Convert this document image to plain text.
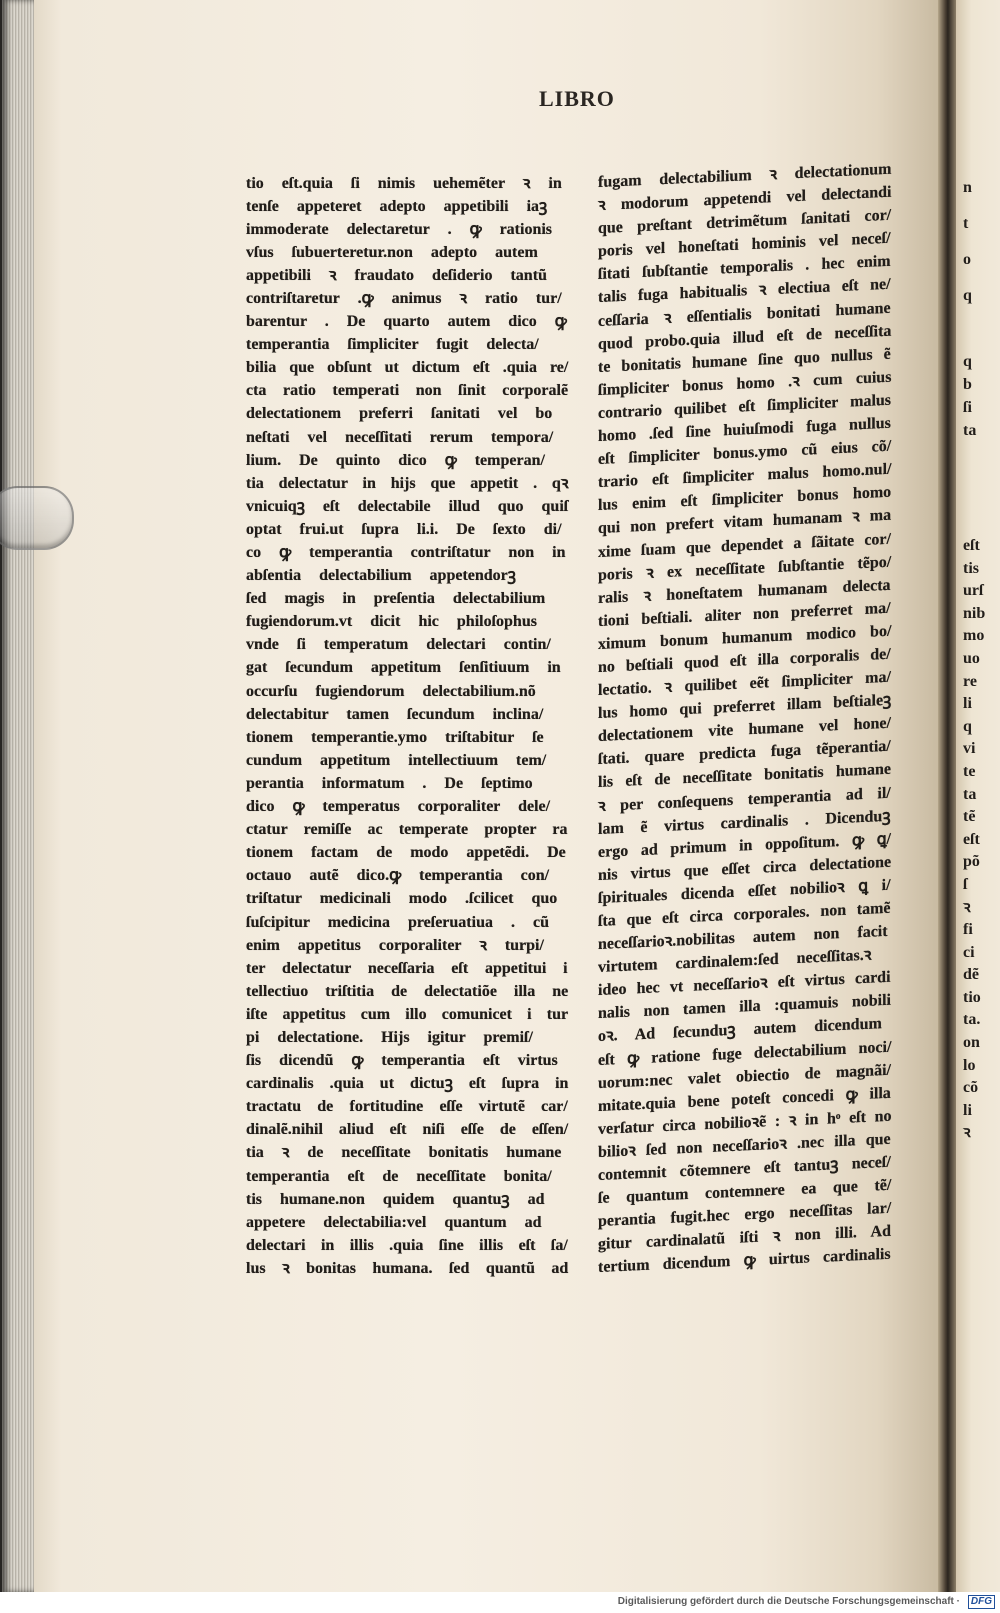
n
t
o
q
q
b
ſi
ta
eſt
tis
urſ
nib
mo
uo
re
li
q
vi
te
ta
tẽ
eſt
põ
ſ
ꝛ
fi
ci
dẽ
tio
ta.
on
lo
cõ
li
ꝛ
LIBRO
tio eſt.quia ſi nimis uehemẽter ꝛ in
tenſe appeteret adepto appetibili iaꝫ
immoderate delectaretur . ꝙ rationis
vſus ſubuerteretur.non adepto autem
appetibili ꝛ fraudato deſiderio tantũ
contriſtaretur .ꝙ animus ꝛ ratio tur/
barentur . De quarto autem dico ꝙ
temperantia ſimpliciter fugit delecta/
bilia que obſunt ut dictum eſt .quia re/
cta ratio temperati non ſinit corporalẽ
delectationem preferri ſanitati vel bo
neſtati vel neceſſitati rerum tempora/
lium. De quinto dico ꝙ temperan/
tia delectatur in hijs que appetit . qꝛ
vnicuiqꝫ eſt delectabile illud quo quiſ
optat frui.ut ſupra li.i. De ſexto di/
co ꝙ temperantia contriſtatur non in
abſentia delectabilium appetendorꝫ
ſed magis in preſentia delectabilium
fugiendorum.vt dicit hic philoſophus
vnde ſi temperatum delectari contin/
gat ſecundum appetitum ſenſitiuum in
occurſu fugiendorum delectabilium.nõ
delectabitur tamen ſecundum inclina/
tionem temperantie.ymo triſtabitur ſe
cundum appetitum intellectiuum tem/
perantia informatum . De ſeptimo
dico ꝙ temperatus corporaliter dele/
ctatur remiſſe ac temperate propter ra
tionem factam de modo appetẽdi. De
octauo autẽ dico.ꝙ temperantia con/
triſtatur medicinali modo .ſcilicet quo
ſuſcipitur medicina preſeruatiua . cũ
enim appetitus corporaliter ꝛ turpi/
ter delectatur neceſſaria eſt appetitui i
tellectiuo triſtitia de delectatiõe illa ne
iſte appetitus cum illo comunicet i tur
pi delectatione. Hijs igitur premiſ/
ſis dicendũ ꝙ temperantia eſt virtus
cardinalis .quia ut dictuꝫ eſt ſupra in
tractatu de fortitudine eſſe virtutẽ car/
dinalẽ.nihil aliud eſt niſi eſſe de eſſen/
tia ꝛ de neceſſitate bonitatis humane
temperantia eſt de neceſſitate bonita/
tis humane.non quidem quantuꝫ ad
appetere delectabilia:vel quantum ad
delectari in illis .quia ſine illis eſt ſa/
lus ꝛ bonitas humana. ſed quantũ ad
fugam delectabilium ꝛ delectationum
ꝛ modorum appetendi vel delectandi
que preſtant detrimẽtum ſanitati cor/
poris vel honeſtati hominis vel neceſ/
ſitati ſubſtantie temporalis . hec enim
talis fuga habitualis ꝛ electiua eſt ne/
ceſſaria ꝛ eſſentialis bonitati humane
quod probo.quia illud eſt de neceſſita
te bonitatis humane ſine quo nullus ẽ
ſimpliciter bonus homo .ꝛ cum cuius
contrario quilibet eſt ſimpliciter malus
homo .ſed ſine huiuſmodi fuga nullus
eſt ſimpliciter bonus.ymo cũ eius cõ/
trario eſt ſimpliciter malus homo.nul/
lus enim eſt ſimpliciter bonus homo
qui non prefert vitam humanam ꝛ ma
xime ſuam que dependet a ſãitate cor/
poris ꝛ ex neceſſitate ſubſtantie tẽpo/
ralis ꝛ honeſtatem humanam delecta
tioni beſtiali. aliter non preferret ma/
ximum bonum humanum modico bo/
no beſtiali quod eſt illa corporalis de/
lectatio. ꝛ quilibet eẽt ſimpliciter ma/
lus homo qui preferret illam beſtialeꝫ
delectationem vite humane vel hone/
ſtati. quare predicta fuga tẽperantia/
lis eſt de neceſſitate bonitatis humane
ꝛ per conſequens temperantia ad il/
lam ẽ virtus cardinalis . Dicenduꝫ
ergo ad primum in oppoſitum. ꝙ ꝗ/
nis virtus que eſſet circa delectatione
ſpirituales dicenda eſſet nobilioꝛ ꝗ i/
ſta que eſt circa corporales. non tamẽ
neceſſarioꝛ.nobilitas autem non facit
virtutem cardinalem:ſed neceſſitas.ꝛ
ideo hec vt neceſſarioꝛ eſt virtus cardi
nalis non tamen illa :quamuis nobili
oꝛ. Ad ſecunduꝫ autem dicendum
eſt ꝙ ratione fuge delectabilium noci/
uorum:nec valet obiectio de magnãi/
mitate.quia bene poteſt concedi ꝙ illa
verſatur circa nobilioꝛẽ : ꝛ in hͦ eſt no
bilioꝛ ſed non neceſſarioꝛ .nec illa que
contemnit cõtemnere eſt tantuꝫ neceſ/
ſe quantum contemnere ea que tẽ/
perantia fugit.hec ergo neceſſitas lar/
gitur cardinalatũ iſti ꝛ non illi. Ad
tertium dicendum ꝙ uirtus cardinalis
Digitalisierung gefördert durch die Deutsche Forschungsgemeinschaft ·	DFG
